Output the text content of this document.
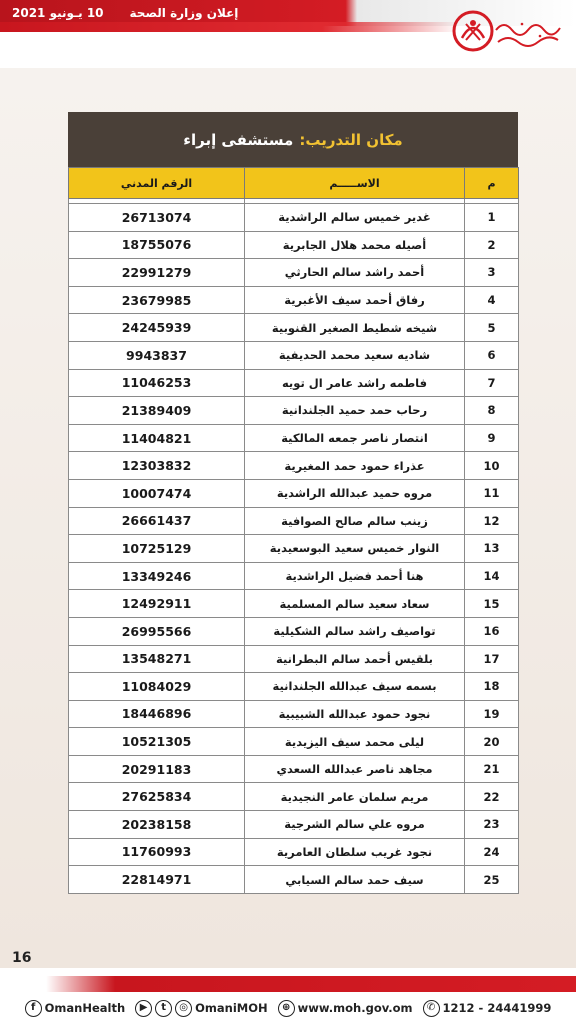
إعلان وزارة الصحة
10 يـونيو 2021
مكان التدريب:
مستشفى إبراء
م	الاســـــم	الرقم المدني

1	غدير خميس سالم الراشدية	26713074
2	أصيله محمد هلال الجابرية	18755076
3	أحمد راشد سالم الحارثي	22991279
4	رفاق أحمد سيف الأغبرية	23679985
5	شيخه شطيط الصغير القنوبية	24245939
6	شاديه سعيد محمد الحديفية	9943837
7	فاطمه راشد عامر ال تويه	11046253
8	رحاب حمد حميد الجلندانية	21389409
9	انتصار ناصر جمعه المالكية	11404821
10	عذراء حمود حمد المغيرية	12303832
11	مروه حميد عبدالله الراشدية	10007474
12	زينب سالم صالح الصوافية	26661437
13	النوار خميس سعيد البوسعيدية	10725129
14	هنا أحمد فضيل الراشدية	13349246
15	سعاد سعيد سالم المسلمية	12492911
16	تواصيف راشد سالم الشكيلية	26995566
17	بلقيس أحمد سالم البطرانية	13548271
18	بسمه سيف عبدالله الجلندانية	11084029
19	نجود حمود عبدالله الشبيبية	18446896
20	ليلى محمد سيف اليزيدية	10521305
21	مجاهد ناصر عبدالله السعدي	20291183
22	مريم سلمان عامر النجيدية	27625834
23	مروه علي سالم الشرجية	20238158
24	نجود غريب سلطان العامرية	11760993
25	سيف حمد سالم السيابي	22814971
16
f OmanHealth	▶	t	◎ OmaniMOH	⊕ www.moh.gov.om	✆ 1212 - 24441999
